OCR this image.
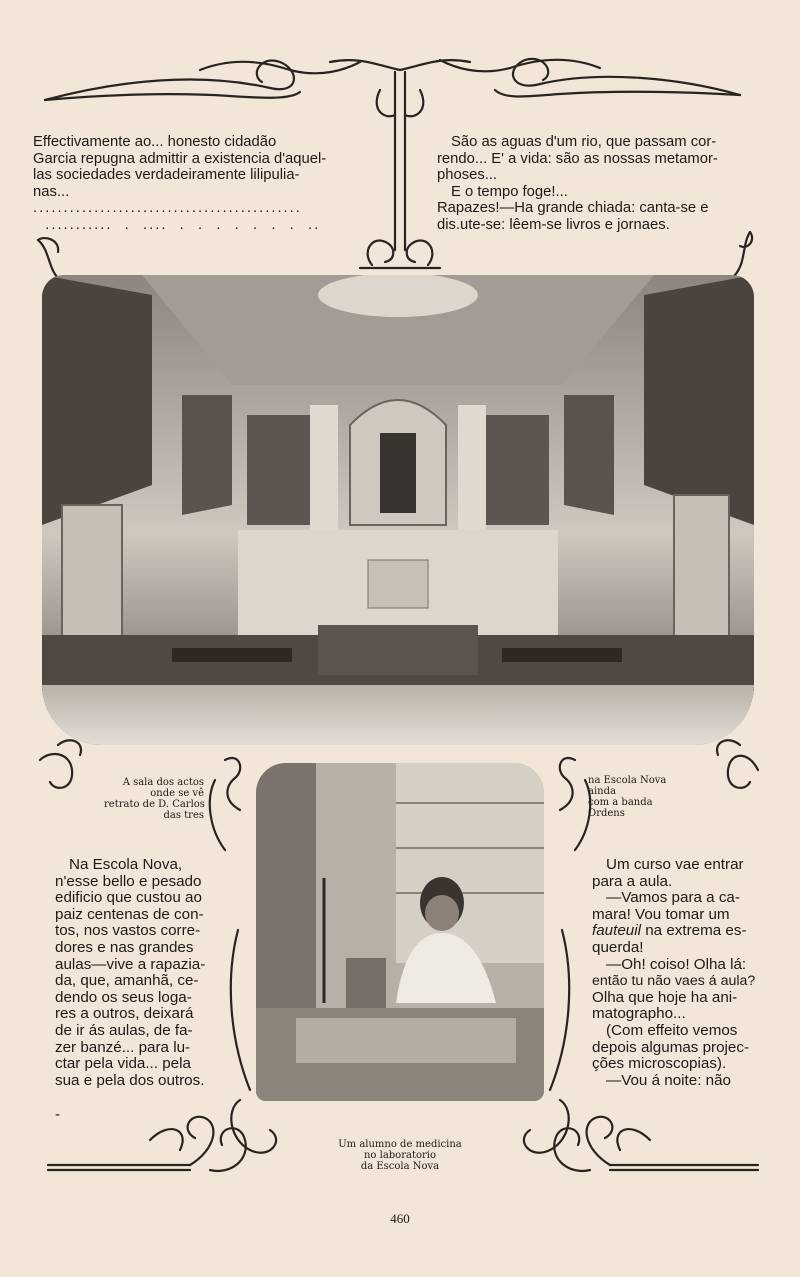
Effectivamente ao... honesto cidadão

Garcia repugna admittir a existencia d'aquel-

las sociedades verdadeiramente lilipulia-

nas...

............................................

...........  .  ....  .  .  .  .  .  .  .  ..

São as aguas d'um rio, que passam cor-

rendo... E' a vida: são as nossas metamor-

phoses...

E o tempo foge!...

Rapazes!—Ha grande chiada: canta-se e

dis.ute-se: lêem-se livros e jornaes.

A sala dos actos

onde se vê

retrato de D. Carlos

das tres

na Escola Nova

ainda

com a banda

Ordens

Na Escola Nova,

n'esse bello e pesado

edificio que custou ao

paiz centenas de con-

tos, nos vastos corre-

dores e nas grandes

aulas—vive a rapazia-

da, que, amanhã, ce-

dendo os seus loga-

res a outros, deixará

de ir ás aulas, de fa-

zer banzé... para lu-

ctar pela vida... pela

sua e pela dos outros.

-

Um curso vae entrar

para a aula.

—Vamos para a ca-

mara! Vou tomar um

fauteuil na extrema es-

querda!

—Oh! coiso! Olha lá:

então tu não vaes á aula?

Olha que hoje ha ani-

matographo...

(Com effeito vemos

depois algumas projec-

ções microscopias).

—Vou á noite: não

Um alumno de medicina

no laboratorio

da Escola Nova

460
